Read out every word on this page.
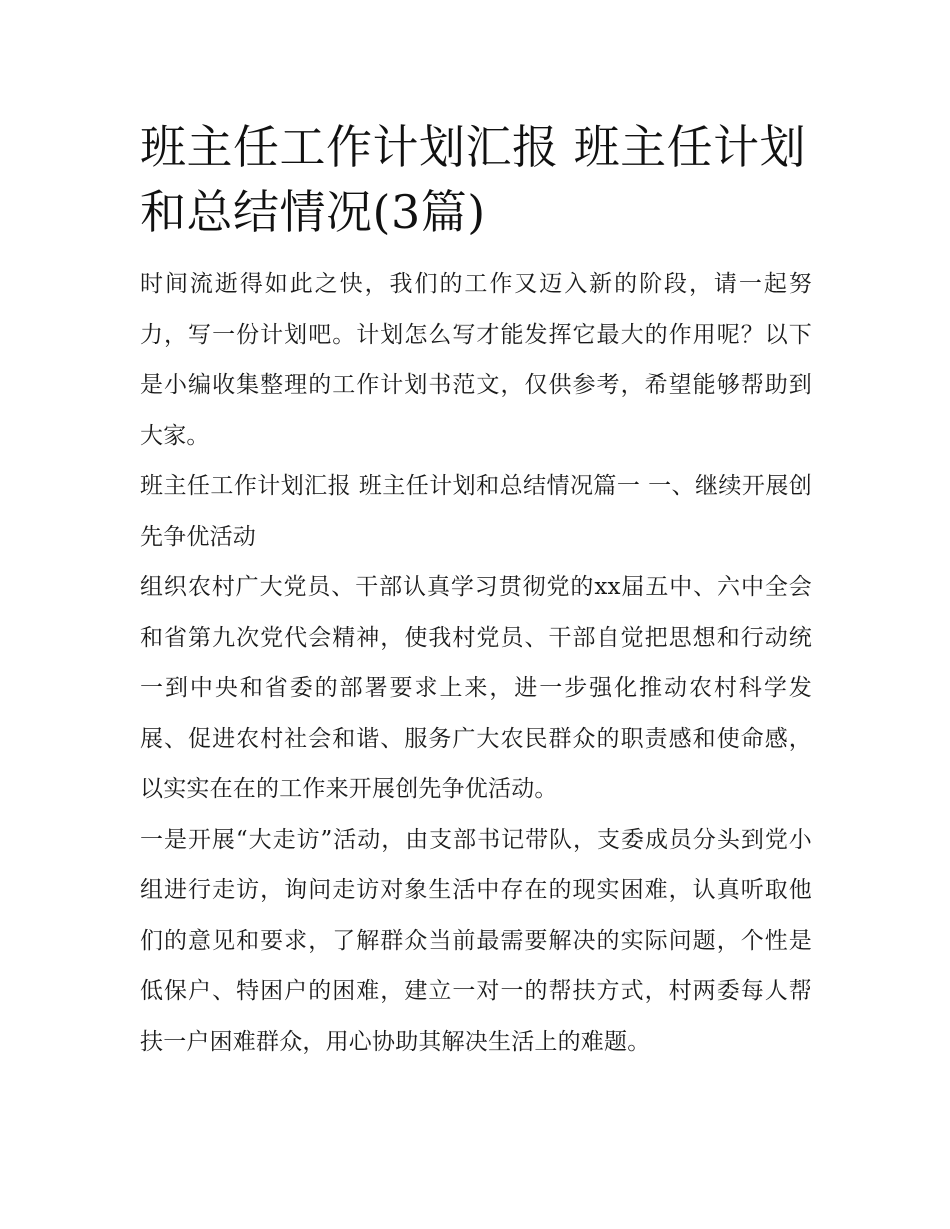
班主任工作计划汇报 班主任计划和总结情况(3篇)

时间流逝得如此之快，我们的工作又迈入新的阶段，请一起努力，写一份计划吧。计划怎么写才能发挥它最大的作用呢？以下是小编收集整理的工作计划书范文，仅供参考，希望能够帮助到大家。

班主任工作计划汇报 班主任计划和总结情况篇一 一、继续开展创先争优活动

组织农村广大党员、干部认真学习贯彻党的xx届五中、六中全会和省第九次党代会精神，使我村党员、干部自觉把思想和行动统一到中央和省委的部署要求上来，进一步强化推动农村科学发展、促进农村社会和谐、服务广大农民群众的职责感和使命感，以实实在在的工作来开展创先争优活动。

一是开展“大走访”活动，由支部书记带队，支委成员分头到党小组进行走访，询问走访对象生活中存在的现实困难，认真听取他们的意见和要求，了解群众当前最需要解决的实际问题，个性是低保户、特困户的困难，建立一对一的帮扶方式，村两委每人帮扶一户困难群众，用心协助其解决生活上的难题。
